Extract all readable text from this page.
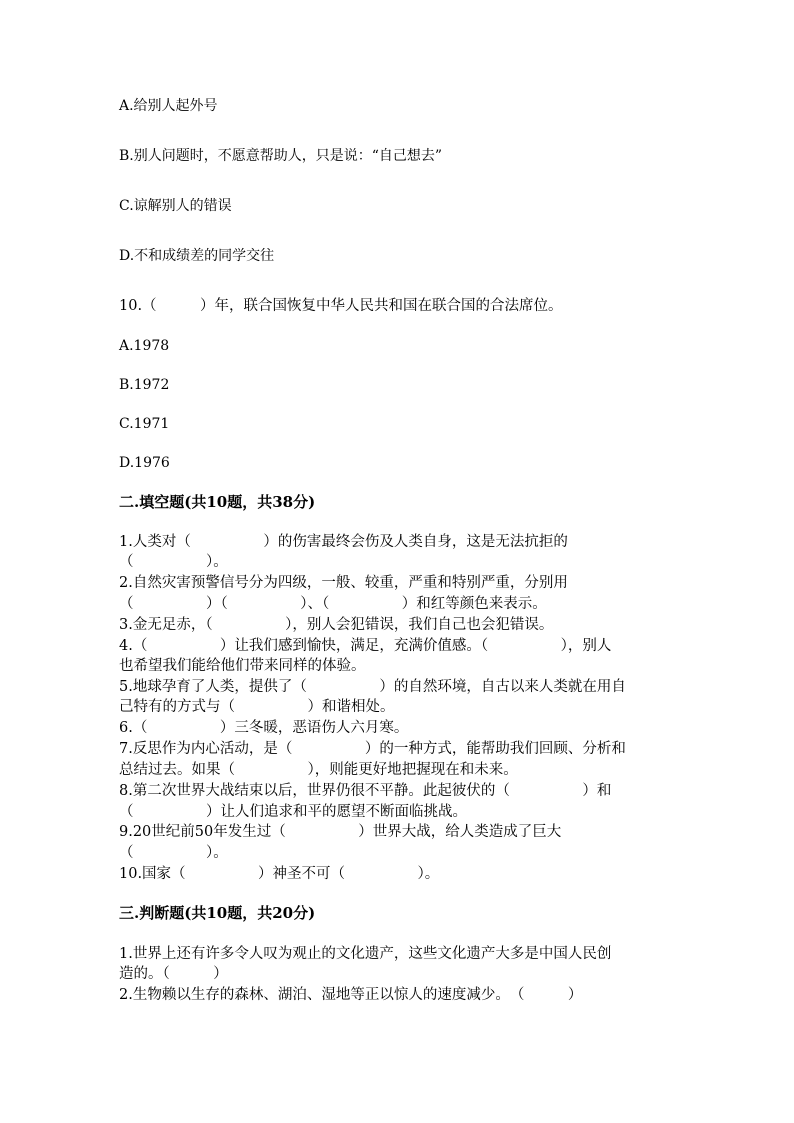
A.给别人起外号
B.别人问题时，不愿意帮助人，只是说：“自己想去”
C.谅解别人的错误
D.不和成绩差的同学交往
10.（　　　）年，联合国恢复中华人民共和国在联合国的合法席位。
A.1978
B.1972
C.1971
D.1976
二.填空题(共10题，共38分)
1.人类对（　　　　　）的伤害最终会伤及人类自身，这是无法抗拒的
（　　　　　）。
2.自然灾害预警信号分为四级，一般、较重，严重和特别严重，分别用
（　　　　　）（　　　　　）、（　　　　　）和红等颜色来表示。
3.金无足赤，（　　　　　），别人会犯错误，我们自己也会犯错误。
4.（　　　　　）让我们感到愉快，满足，充满价值感。（　　　　　），别人
也希望我们能给他们带来同样的体验。
5.地球孕育了人类，提供了（　　　　　）的自然环境，自古以来人类就在用自
己特有的方式与（　　　　　）和谐相处。
6.（　　　　　）三冬暖，恶语伤人六月寒。
7.反思作为内心活动，是（　　　　　）的一种方式，能帮助我们回顾、分析和
总结过去。如果（　　　　　），则能更好地把握现在和未来。
8.第二次世界大战结束以后，世界仍很不平静。此起彼伏的（　　　　　）和
（　　　　　）让人们追求和平的愿望不断面临挑战。
9.20世纪前50年发生过（　　　　　）世界大战，给人类造成了巨大
（　　　　　）。
10.国家（　　　　　）神圣不可（　　　　　）。
三.判断题(共10题，共20分)
1.世界上还有许多令人叹为观止的文化遗产，这些文化遗产大多是中国人民创
造的。（　　　）
2.生物赖以生存的森林、湖泊、湿地等正以惊人的速度减少。　（　　　）
